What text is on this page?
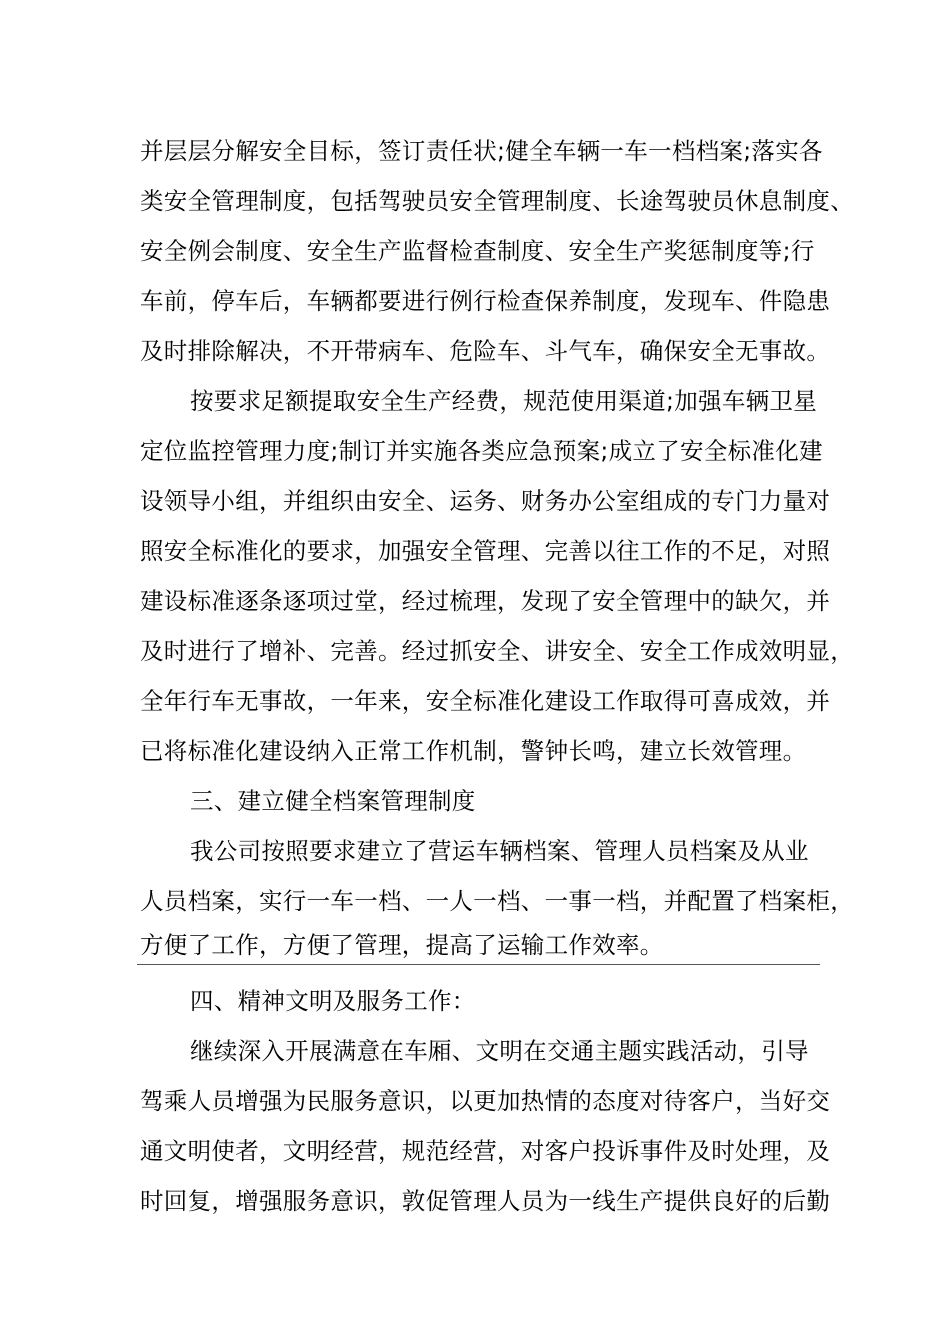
并层层分解安全目标，签订责任状;健全车辆一车一档档案;落实各
类安全管理制度，包括驾驶员安全管理制度、长途驾驶员休息制度、
安全例会制度、安全生产监督检查制度、安全生产奖惩制度等;行
车前，停车后，车辆都要进行例行检查保养制度，发现车、件隐患
及时排除解决，不开带病车、危险车、斗气车，确保安全无事故。
按要求足额提取安全生产经费，规范使用渠道;加强车辆卫星
定位监控管理力度;制订并实施各类应急预案;成立了安全标准化建
设领导小组，并组织由安全、运务、财务办公室组成的专门力量对
照安全标准化的要求，加强安全管理、完善以往工作的不足，对照
建设标准逐条逐项过堂，经过梳理，发现了安全管理中的缺欠，并
及时进行了增补、完善。经过抓安全、讲安全、安全工作成效明显，
全年行车无事故，一年来，安全标准化建设工作取得可喜成效，并
已将标准化建设纳入正常工作机制，警钟长鸣，建立长效管理。
三、建立健全档案管理制度
我公司按照要求建立了营运车辆档案、管理人员档案及从业
人员档案，实行一车一档、一人一档、一事一档，并配置了档案柜，
方便了工作，方便了管理，提高了运输工作效率。
四、精神文明及服务工作：
继续深入开展满意在车厢、文明在交通主题实践活动，引导
驾乘人员增强为民服务意识，以更加热情的态度对待客户，当好交
通文明使者，文明经营，规范经营，对客户投诉事件及时处理，及
时回复，增强服务意识，敦促管理人员为一线生产提供良好的后勤
